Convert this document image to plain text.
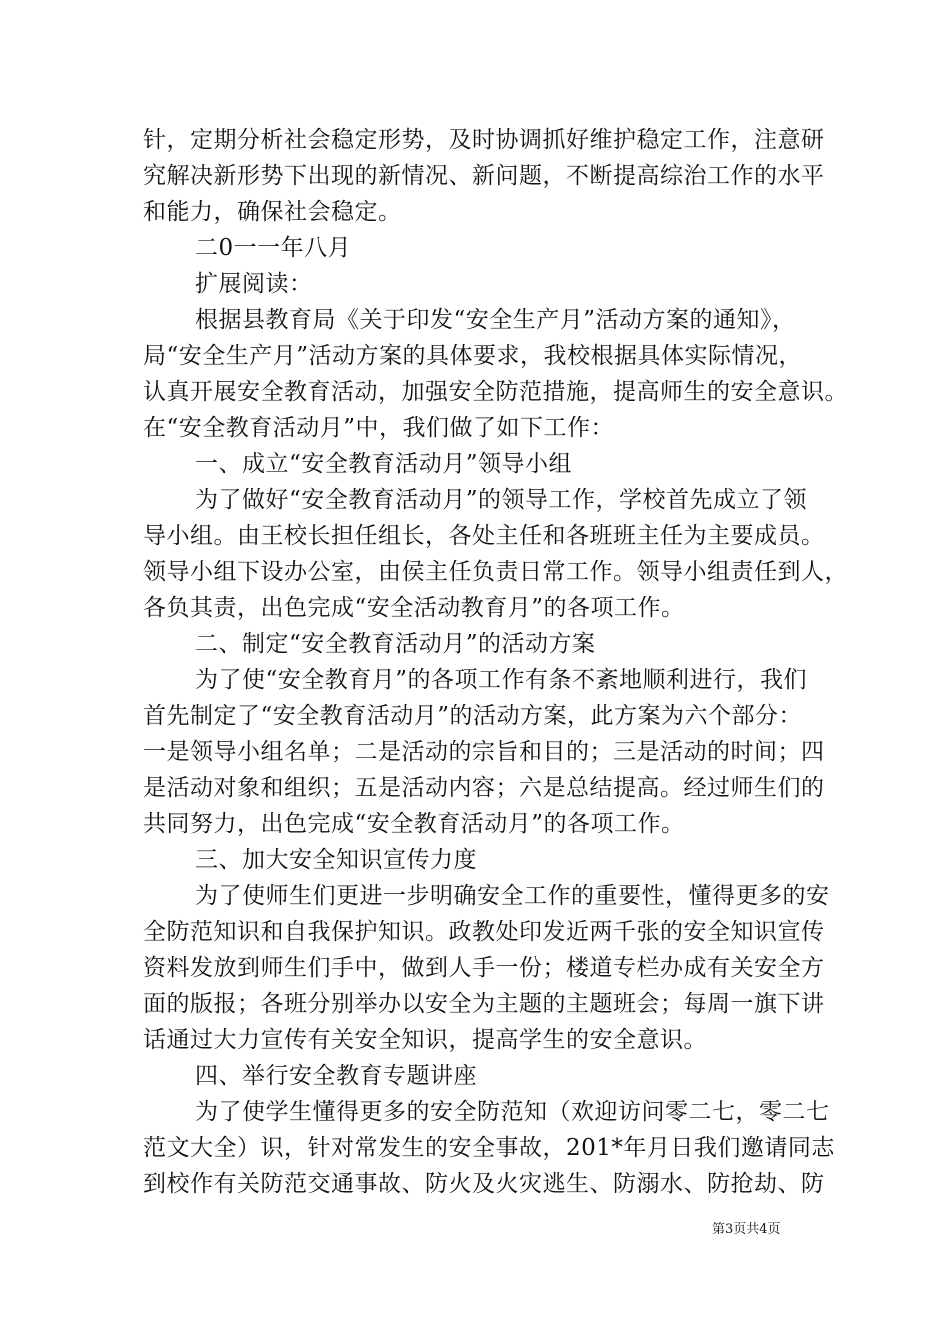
针，定期分析社会稳定形势，及时协调抓好维护稳定工作，注意研
究解决新形势下出现的新情况、新问题，不断提高综治工作的水平
和能力，确保社会稳定。
二0一一年八月
扩展阅读：
根据县教育局《关于印发“安全生产月”活动方案的通知》，
局“安全生产月”活动方案的具体要求，我校根据具体实际情况，
认真开展安全教育活动，加强安全防范措施，提高师生的安全意识。
在“安全教育活动月”中，我们做了如下工作：
一、成立“安全教育活动月”领导小组
为了做好“安全教育活动月”的领导工作，学校首先成立了领
导小组。由王校长担任组长，各处主任和各班班主任为主要成员。
领导小组下设办公室，由侯主任负责日常工作。领导小组责任到人，
各负其责，出色完成“安全活动教育月”的各项工作。
二、制定“安全教育活动月”的活动方案
为了使“安全教育月”的各项工作有条不紊地顺利进行，我们
首先制定了“安全教育活动月”的活动方案，此方案为六个部分：
一是领导小组名单；二是活动的宗旨和目的；三是活动的时间；四
是活动对象和组织；五是活动内容；六是总结提高。经过师生们的
共同努力，出色完成“安全教育活动月”的各项工作。
三、加大安全知识宣传力度
为了使师生们更进一步明确安全工作的重要性，懂得更多的安
全防范知识和自我保护知识。政教处印发近两千张的安全知识宣传
资料发放到师生们手中，做到人手一份；楼道专栏办成有关安全方
面的版报；各班分别举办以安全为主题的主题班会；每周一旗下讲
话通过大力宣传有关安全知识，提高学生的安全意识。
四、举行安全教育专题讲座
为了使学生懂得更多的安全防范知（欢迎访问零二七，零二七
范文大全）识，针对常发生的安全事故，201*年月日我们邀请同志
到校作有关防范交通事故、防火及火灾逃生、防溺水、防抢劫、防
第3页共4页
